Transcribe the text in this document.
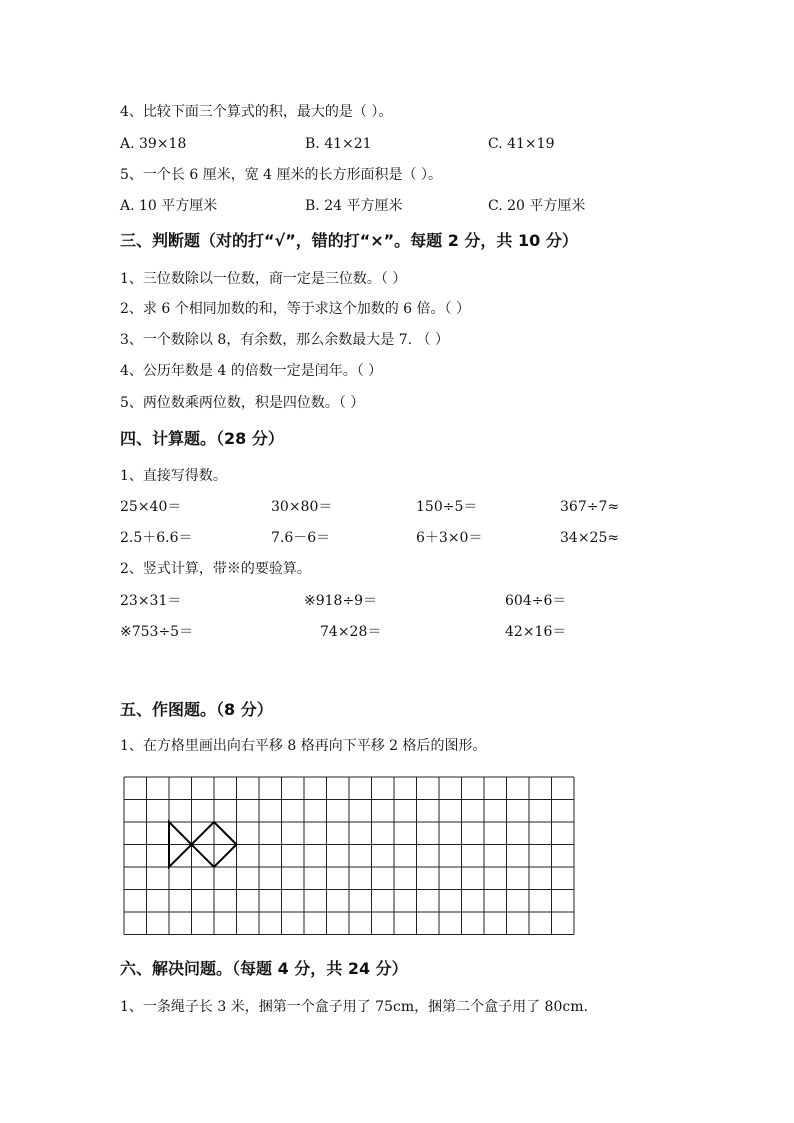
4、比较下面三个算式的积，最大的是（ ）。
A. 39×18	B. 41×21	C. 41×19
5、一个长 6 厘米，宽 4 厘米的长方形面积是（ ）。
A. 10 平方厘米	B. 24 平方厘米	C. 20 平方厘米
三、判断题（对的打“√”，错的打“×”。每题 2 分，共 10 分）
1、三位数除以一位数，商一定是三位数。（ ）
2、求 6 个相同加数的和，等于求这个加数的 6 倍。（ ）
3、一个数除以 8，有余数，那么余数最大是 7. （ ）
4、公历年数是 4 的倍数一定是闰年。（ ）
5、两位数乘两位数，积是四位数。（ ）
四、计算题。（28 分）
1、直接写得数。
25×40＝	30×80＝	150÷5＝	367÷7≈
2.5＋6.6＝	7.6－6＝	6＋3×0＝	34×25≈
2、竖式计算，带※的要验算。
23×31＝	※918÷9＝	604÷6＝
※753÷5＝	74×28＝	42×16＝
五、作图题。（8 分）
1、在方格里画出向右平移 8 格再向下平移 2 格后的图形。
六、解决问题。（每题 4 分，共 24 分）
1、一条绳子长 3 米，捆第一个盒子用了 75cm，捆第二个盒子用了 80cm.
